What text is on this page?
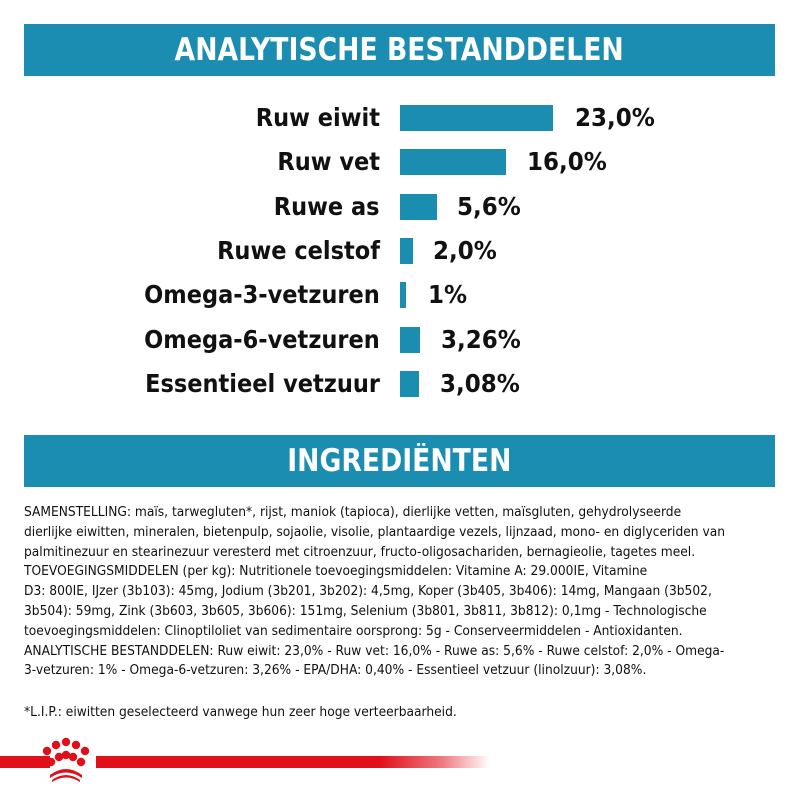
ANALYTISCHE BESTANDDELEN
Ruw eiwit	23,0%
Ruw vet	16,0%
Ruwe as	5,6%
Ruwe celstof 2,0%
Omega-3-vetzuren 1%
Omega-6-vetzuren 3,26%
Essentieel vetzuur 3,08%
INGREDIËNTEN

SAMENSTELLING: maïs, tarwegluten*, rijst, maniok (tapioca), dierlijke vetten, maïsgluten, gehydrolyseerde

dierlijke eiwitten, mineralen, bietenpulp, sojaolie, visolie, plantaardige vezels, lijnzaad, mono- en diglyceriden van

palmitinezuur en stearinezuur veresterd met citroenzuur, fructo-oligosachariden, bernagieolie, tagetes meel.

TOEVOEGINGSMIDDELEN (per kg): Nutritionele toevoegingsmiddelen: Vitamine A: 29.000IE, Vitamine

D3: 800IE, IJzer (3b103): 45mg, Jodium (3b201, 3b202): 4,5mg, Koper (3b405, 3b406): 14mg, Mangaan (3b502,

3b504): 59mg, Zink (3b603, 3b605, 3b606): 151mg, Selenium (3b801, 3b811, 3b812): 0,1mg - Technologische

toevoegingsmiddelen: Clinoptiloliet van sedimentaire oorsprong: 5g - Conserveermiddelen - Antioxidanten.

ANALYTISCHE BESTANDDELEN: Ruw eiwit: 23,0% - Ruw vet: 16,0% - Ruwe as: 5,6% - Ruwe celstof: 2,0% - Omega-

3-vetzuren: 1% - Omega-6-vetzuren: 3,26% - EPA/DHA: 0,40% - Essentieel vetzuur (linolzuur): 3,08%.

*L.I.P.: eiwitten geselecteerd vanwege hun zeer hoge verteerbaarheid.
